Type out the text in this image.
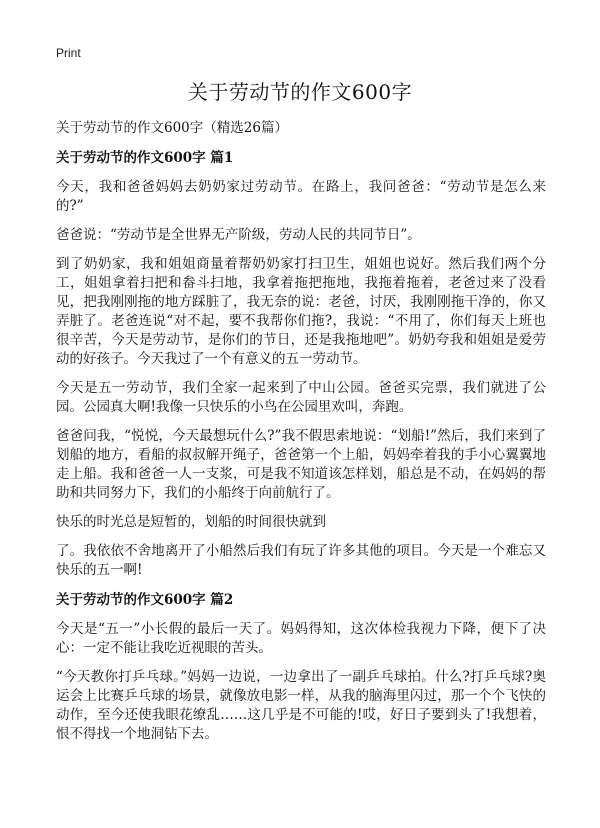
Print
关于劳动节的作文600字

关于劳动节的作文600字（精选26篇）

关于劳动节的作文600字 篇1

今天，我和爸爸妈妈去奶奶家过劳动节。在路上，我问爸爸：“劳动节是怎么来的?”

爸爸说：“劳动节是全世界无产阶级，劳动人民的共同节日”。

到了奶奶家，我和姐姐商量着帮奶奶家打扫卫生，姐姐也说好。然后我们两个分工，姐姐拿着扫把和畚斗扫地，我拿着拖把拖地，我拖着拖着，老爸过来了没看见，把我刚刚拖的地方踩脏了，我无奈的说：老爸，讨厌，我刚刚拖干净的，你又弄脏了。老爸连说“对不起，要不我帮你们拖?，我说：“不用了，你们每天上班也很辛苦，今天是劳动节，是你们的节日，还是我拖地吧”。奶奶夸我和姐姐是爱劳动的好孩子。今天我过了一个有意义的五一劳动节。

今天是五一劳动节，我们全家一起来到了中山公园。爸爸买完票，我们就进了公园。公园真大啊!我像一只快乐的小鸟在公园里欢叫，奔跑。

爸爸问我，“悦悦，今天最想玩什么?”我不假思索地说：“划船!”然后，我们来到了划船的地方，看船的叔叔解开绳子，爸爸第一个上船，妈妈牵着我的手小心翼翼地走上船。我和爸爸一人一支浆，可是我不知道该怎样划，船总是不动，在妈妈的帮助和共同努力下，我们的小船终于向前航行了。

快乐的时光总是短暂的，划船的时间很快就到

了。我依依不舍地离开了小船然后我们有玩了许多其他的项目。今天是一个难忘又快乐的五一啊!

关于劳动节的作文600字 篇2

今天是“五一”小长假的最后一天了。妈妈得知，这次体检我视力下降，便下了决心：一定不能让我吃近视眼的苦头。

“今天教你打乒乓球。”妈妈一边说，一边拿出了一副乒乓球拍。什么?打乒乓球?奥运会上比赛乒乓球的场景，就像放电影一样，从我的脑海里闪过，那一个个飞快的动作，至今还使我眼花缭乱……这几乎是不可能的!哎，好日子要到头了!我想着，恨不得找一个地洞钻下去。
